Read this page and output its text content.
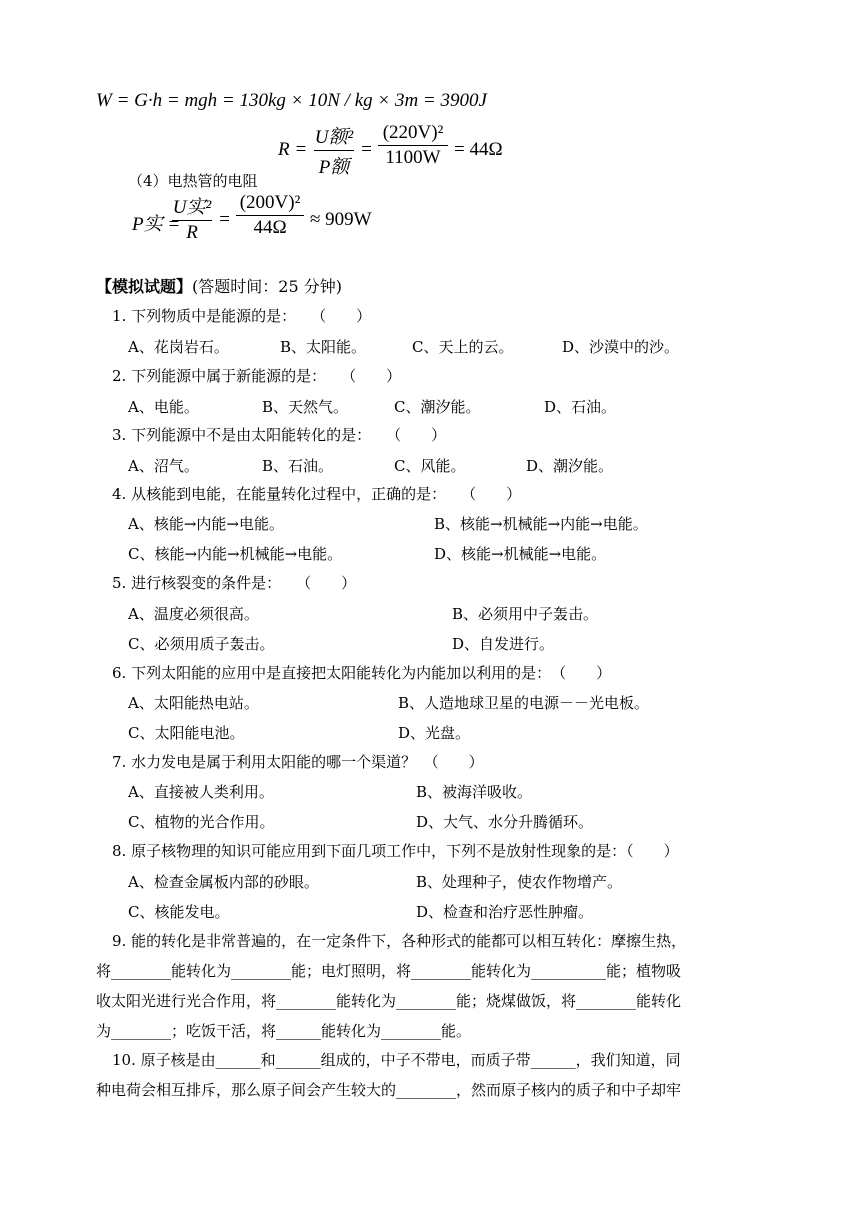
W = G·h = mgh = 130kg × 10N / kg × 3m = 3900J
R =
U额²
P额
=
(220V)²
1100W = 44Ω
（4）电热管的电阻
P实 =
U实²
R
=
(200V)²
44Ω	≈ 909W
【模拟试题】(答题时间：25 分钟)
1. 下列物质中是能源的是：　　（　　）
A、花岗岩石。	B、太阳能。	C、天上的云。	D、沙漠中的沙。
2. 下列能源中属于新能源的是：　　（　　）
A、电能。	B、天然气。	C、潮汐能。	D、石油。
3. 下列能源中不是由太阳能转化的是：　　（　　）
A、沼气。	B、石油。	C、风能。	D、潮汐能。
4. 从核能到电能，在能量转化过程中，正确的是：　　（　　）
A、核能→内能→电能。	B、核能→机械能→内能→电能。
C、核能→内能→机械能→电能。	D、核能→机械能→电能。
5. 进行核裂变的条件是：　　（　　）
A、温度必须很高。	B、必须用中子轰击。
C、必须用质子轰击。	D、自发进行。
6. 下列太阳能的应用中是直接把太阳能转化为内能加以利用的是：　（　　）
A、太阳能热电站。	B、人造地球卫星的电源－－光电板。
C、太阳能电池。	D、光盘。
7. 水力发电是属于利用太阳能的哪一个渠道？　（　　）
A、直接被人类利用。	B、被海洋吸收。
C、植物的光合作用。	D、大气、水分升腾循环。
8. 原子核物理的知识可能应用到下面几项工作中，下列不是放射性现象的是：（　　）
A、检查金属板内部的砂眼。	B、处理种子，使农作物增产。
C、核能发电。	D、检查和治疗恶性肿瘤。
9. 能的转化是非常普遍的，在一定条件下，各种形式的能都可以相互转化：摩擦生热，
将________能转化为________能；电灯照明，将________能转化为__________能；植物吸
收太阳光进行光合作用，将________能转化为________能；烧煤做饭，将________能转化
为________；吃饭干活，将______能转化为________能。
10. 原子核是由______和______组成的，中子不带电，而质子带______，我们知道，同
种电荷会相互排斥，那么原子间会产生较大的________，然而原子核内的质子和中子却牢
